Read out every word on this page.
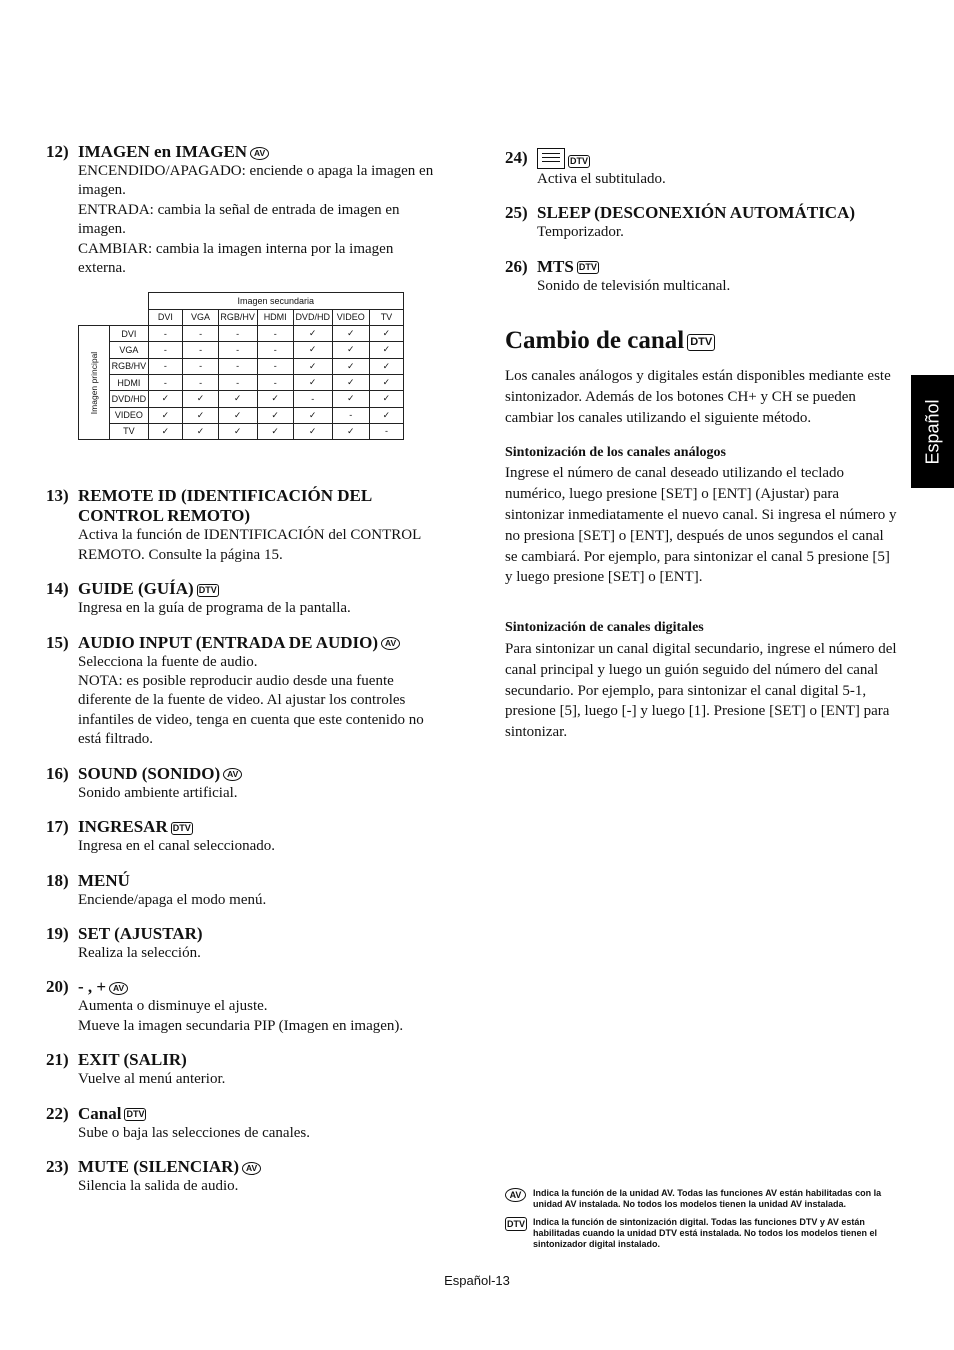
12) IMAGEN en IMAGEN AV
ENCENDIDO/APAGADO: enciende o apaga la imagen en imagen.
ENTRADA: cambia la señal de entrada de imagen en imagen.
CAMBIAR: cambia la imagen interna por la imagen externa.
		Imagen secundaria						
		DVI	VGA	RGB/HV	HDMI	DVD/HD	VIDEO	TV

Imagen principal	DVI	-	-	-	-	✓	✓	✓
	VGA	-	-	-	-	✓	✓	✓
	RGB/HV	-	-	-	-	✓	✓	✓
	HDMI	-	-	-	-	✓	✓	✓
	DVD/HD	✓	✓	✓	✓	-	✓	✓
	VIDEO	✓	✓	✓	✓	✓	-	✓
	TV	✓	✓	✓	✓	✓	✓	-
13) REMOTE ID (IDENTIFICACIÓN DEL CONTROL REMOTO)
Activa la función de IDENTIFICACIÓN del CONTROL REMOTO. Consulte la página 15.
14) GUIDE (GUÍA) DTV
Ingresa en la guía de programa de la pantalla.
15) AUDIO INPUT (ENTRADA DE AUDIO) AV
Selecciona la fuente de audio.
NOTA: es posible reproducir audio desde una fuente diferente de la fuente de video. Al ajustar los controles infantiles de video, tenga en cuenta que este contenido no está filtrado.
16) SOUND (SONIDO) AV
Sonido ambiente artificial.
17) INGRESAR DTV
Ingresa en el canal seleccionado.
18) MENÚ
Enciende/apaga el modo menú.
19) SET (AJUSTAR)
Realiza la selección.
20) - , + AV
Aumenta o disminuye el ajuste.
Mueve la imagen secundaria PIP (Imagen en imagen).
21) EXIT (SALIR)
Vuelve al menú anterior.
22) Canal DTV
Sube o baja las selecciones de canales.
23) MUTE (SILENCIAR) AV
Silencia la salida de audio.
24)	DTV
Activa el subtitulado.
25) SLEEP (DESCONEXIÓN AUTOMÁTICA)
Temporizador.
26) MTS DTV
Sonido de televisión multicanal.
Cambio de canal DTV

Los canales análogos y digitales están disponibles mediante este sintonizador. Además de los botones CH+ y CH se pueden cambiar los canales utilizando el siguiente método.

Sintonización de los canales análogos

Ingrese el número de canal deseado utilizando el teclado numérico, luego presione [SET] o [ENT] (Ajustar) para sintonizar inmediatamente el nuevo canal. Si ingresa el número y no presiona [SET] o [ENT], después de unos segundos el canal se cambiará. Por ejemplo, para sintonizar el canal 5 presione [5] y luego presione [SET] o [ENT].

Sintonización de canales digitales

Para sintonizar un canal digital secundario, ingrese el número del canal principal y luego un guión seguido del número del canal secundario. Por ejemplo, para sintonizar el canal digital 5-1, presione [5], luego [-] y luego [1]. Presione [SET] o [ENT] para sintonizar.

Español
AV	Indica la función de la unidad AV. Todas las funciones AV están habilitadas con la unidad AV instalada. No todos los modelos tienen la unidad AV instalada.
DTV Indica la función de sintonización digital. Todas las funciones DTV y AV están habilitadas cuando la unidad DTV está instalada. No todos los modelos tienen el sintonizador digital instalado.
Español-13
